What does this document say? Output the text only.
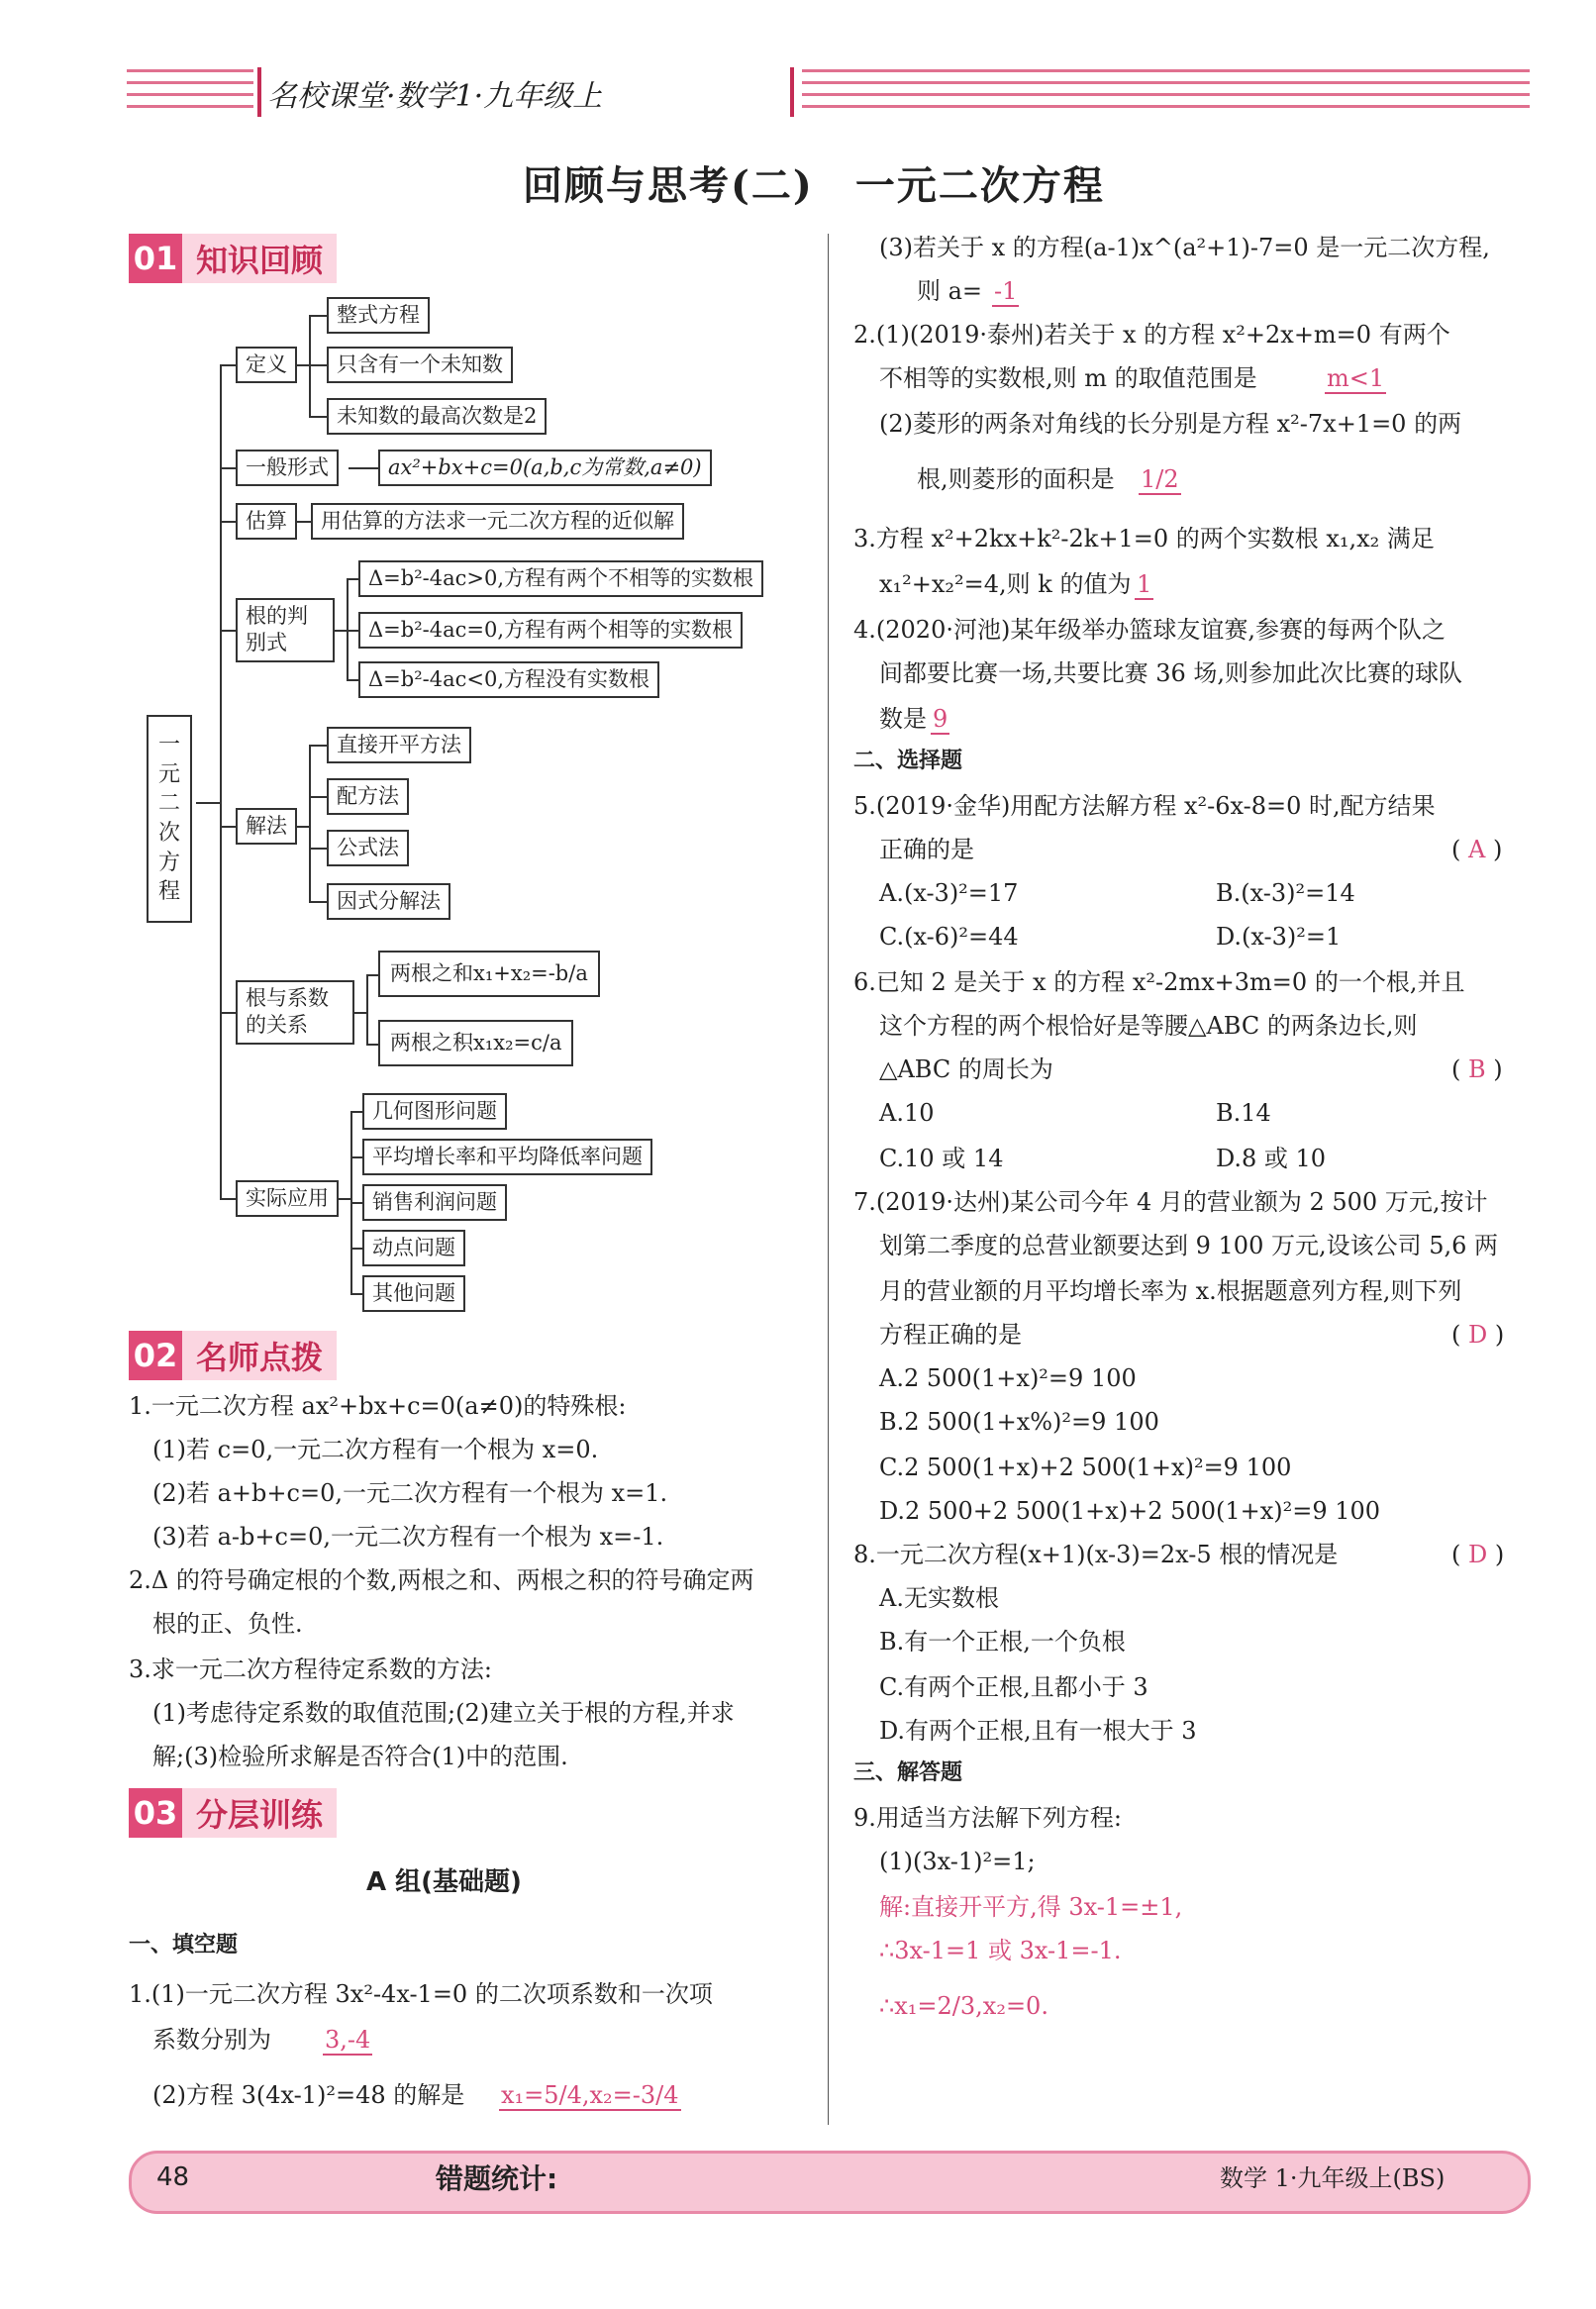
名校课堂·数学1·九年级上
回顾与思考(二)　一元二次方程
01 知识回顾
一元二次方程
定义
整式方程
只含有一个未知数
未知数的最高次数是2
一般形式	ax²+bx+c=0(a,b,c为常数,a≠0)
估算	用估算的方法求一元二次方程的近似解
根的判别式
Δ=b²-4ac>0,方程有两个不相等的实数根
Δ=b²-4ac=0,方程有两个相等的实数根
Δ=b²-4ac<0,方程没有实数根
解法
直接开平方法
配方法
公式法
因式分解法
根与系数的关系
两根之和x₁+x₂=-b/a
两根之积x₁x₂=c/a
实际应用
几何图形问题
平均增长率和平均降低率问题
销售利润问题
动点问题
其他问题
02 名师点拨
1.一元二次方程 ax²+bx+c=0(a≠0)的特殊根:
(1)若 c=0,一元二次方程有一个根为 x=0.
(2)若 a+b+c=0,一元二次方程有一个根为 x=1.
(3)若 a-b+c=0,一元二次方程有一个根为 x=-1.
2.Δ 的符号确定根的个数,两根之和、两根之积的符号确定两
根的正、负性.
3.求一元二次方程待定系数的方法:
(1)考虑待定系数的取值范围;(2)建立关于根的方程,并求
解;(3)检验所求解是否符合(1)中的范围.
03 分层训练
A 组(基础题)
一、填空题
1.(1)一元二次方程 3x²-4x-1=0 的二次项系数和一次项
系数分别为 3,-4
(2)方程 3(4x-1)²=48 的解是 x₁=5/4,x₂=-3/4
(3)若关于 x 的方程(a-1)x^(a²+1)-7=0 是一元二次方程,
则 a= -1
2.(1)(2019·泰州)若关于 x 的方程 x²+2x+m=0 有两个
不相等的实数根,则 m 的取值范围是	m<1
(2)菱形的两条对角线的长分别是方程 x²-7x+1=0 的两
根,则菱形的面积是 1/2
3.方程 x²+2kx+k²-2k+1=0 的两个实数根 x₁,x₂ 满足
x₁²+x₂²=4,则 k 的值为 1
4.(2020·河池)某年级举办篮球友谊赛,参赛的每两个队之
间都要比赛一场,共要比赛 36 场,则参加此次比赛的球队
数是 9
二、选择题
5.(2019·金华)用配方法解方程 x²-6x-8=0 时,配方结果
正确的是	( A )
A.(x-3)²=17	B.(x-3)²=14
C.(x-6)²=44	D.(x-3)²=1
6.已知 2 是关于 x 的方程 x²-2mx+3m=0 的一个根,并且
这个方程的两个根恰好是等腰△ABC 的两条边长,则
△ABC 的周长为	( B )
A.10	B.14
C.10 或 14	D.8 或 10
7.(2019·达州)某公司今年 4 月的营业额为 2 500 万元,按计
划第二季度的总营业额要达到 9 100 万元,设该公司 5,6 两
月的营业额的月平均增长率为 x.根据题意列方程,则下列
方程正确的是	( D )
A.2 500(1+x)²=9 100
B.2 500(1+x%)²=9 100
C.2 500(1+x)+2 500(1+x)²=9 100
D.2 500+2 500(1+x)+2 500(1+x)²=9 100
8.一元二次方程(x+1)(x-3)=2x-5 根的情况是	( D )
A.无实数根
B.有一个正根,一个负根
C.有两个正根,且都小于 3
D.有两个正根,且有一根大于 3
三、解答题
9.用适当方法解下列方程:
(1)(3x-1)²=1;
解:直接开平方,得 3x-1=±1,
∴3x-1=1 或 3x-1=-1.
∴x₁=2/3,x₂=0.
48	错题统计:	数学 1·九年级上(BS)
